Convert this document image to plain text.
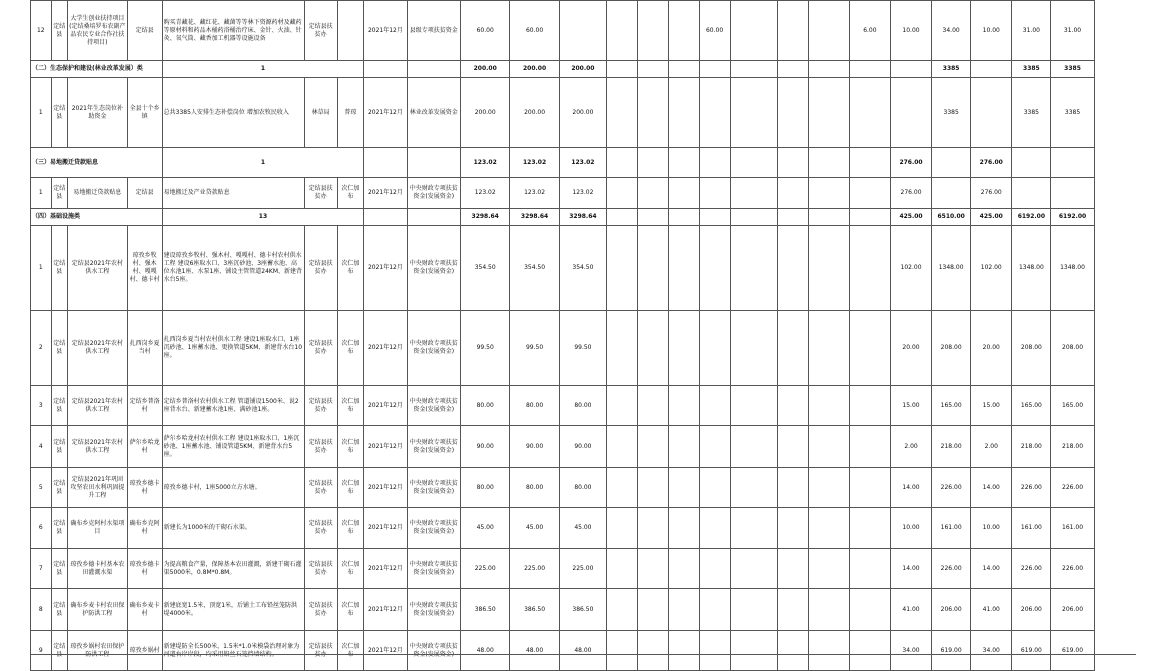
12	定结县	大学生创业扶持项目(定结桑培罗布农副产品农民专业合作社扶持项目)	定结县	购买青藏花、藏红花、藏菌等等林下资源药材及藏药等原材料和药品木桶药浴桶治疗床、金针、火油、针灸、氧气筒、藏香加工机器等设施设备	定结县扶贫办		2021年12月	县级专项扶贫资金	60.00	60.00					60.00				6.00	10.00	34.00	10.00	31.00	31.00
（二）生态保护和建设(林业改革发展）类				1					200.00	200.00	200.00										3385		3385	3385
1	定结县	2021年生态岗位补助资金	全县十个乡镇	总共3385人安排生态补偿岗位 增加农牧民收入	林草局	普琼	2021年12月	林业改革发展资金	200.00	200.00	200.00										3385		3385	3385
（三）易地搬迁贷款贴息				1					123.02	123.02	123.02									276.00		276.00		
1	定结县	易地搬迁贷款贴息	定结县	易地搬迁及产业贷款贴息	定结县扶贫办	次仁加布	2021年12月	中央财政专项扶贫资金(发展资金)	123.02	123.02	123.02									276.00		276.00		
（四）基础设施类				13					3298.64	3298.64	3298.64									425.00	6510.00	425.00	6192.00	6192.00
1	定结县	定结县2021年农村供水工程	琼孜乡牧村、强木村、嘎嘎村、德卡村	建设琼孜乡牧村、强木村、嘎嘎村、德卡村农村供水工程 建设6座取水口、3座沉砂池、3座蓄水池、高位水池1座、水泵1座、铺设主管管道24KM、新建背水台5座。	定结县扶贫办	次仁加布	2021年12月	中央财政专项扶贫资金(发展资金)	354.50	354.50	354.50									102.00	1348.00	102.00	1348.00	1348.00
2	定结县	定结县2021年农村供水工程	扎西岗乡夏当村	扎西岗乡夏当村农村供水工程 建设1座取水口、1座沉砂池、1座蓄水池、更换管道5KM、新建背水台10座。	定结县扶贫办	次仁加布	2021年12月	中央财政专项扶贫资金(发展资金)	99.50	99.50	99.50									20.00	208.00	20.00	208.00	208.00
3	定结县	定结县2021年农村供水工程	定结乡普洛村	定结乡普洛村农村供水工程 管道铺设1500米、说2座背水台、新建蓄水池1座、满砂池1座。	定结县扶贫办	次仁加布	2021年12月	中央财政专项扶贫资金(发展资金)	80.00	80.00	80.00									15.00	165.00	15.00	165.00	165.00
4	定结县	定结县2021年农村供水工程	萨尔乡哈龙村	萨尔乡哈龙村农村供水工程 建设1座取水口、1座沉砂池、1座蓄水池、铺设管道5KM、新建背水台5座。	定结县扶贫办	次仁加布	2021年12月	中央财政专项扶贫资金(发展资金)	90.00	90.00	90.00									2.00	218.00	2.00	218.00	218.00
5	定结县	定结县2021年巩固攻坚农田水利巩固提升工程	琼孜乡德卡村	琼孜乡德卡村，1座5000立方水塘。	定结县扶贫办	次仁加布	2021年12月	中央财政专项扶贫资金(发展资金)	80.00	80.00	80.00									14.00	226.00	14.00	226.00	226.00
6	定结县	确布乡克阿村水渠项目	确布乡克阿村	新建长为1000米的干砌石水渠。	定结县扶贫办	次仁加布	2021年12月	中央财政专项扶贫资金(发展资金)	45.00	45.00	45.00									10.00	161.00	10.00	161.00	161.00
7	定结县	琼孜乡德卡村基本农田灌溉水渠	琼孜乡德卡村	为提高粮食产量，保障基本农田灌溉，新建干砌石灌渠5000米，0.8M*0.8M。	定结县扶贫办	次仁加布	2021年12月	中央财政专项扶贫资金(发展资金)	225.00	225.00	225.00									14.00	226.00	14.00	226.00	226.00
8	定结县	确布乡麦卡村农田保护防洪工程	确布乡麦卡村	新建底宽1.5米，顶宽1米，后铺土工布铅丝笼防洪堤4000米。	定结县扶贫办	次仁加布	2021年12月	中央财政专项扶贫资金(发展资金)	386.50	386.50	386.50									41.00	206.00	41.00	206.00	206.00
9	定结	琼孜乡娲村农田保护	琼孜乡娲村	新建堤防全长500米，1.5米*1.0米模袋治理对象为	定结县扶	次仁加	2021年12月	中央财政专项扶贫	48.00	48.00	48.00									34.00	619.00	34.00	619.00	619.00
